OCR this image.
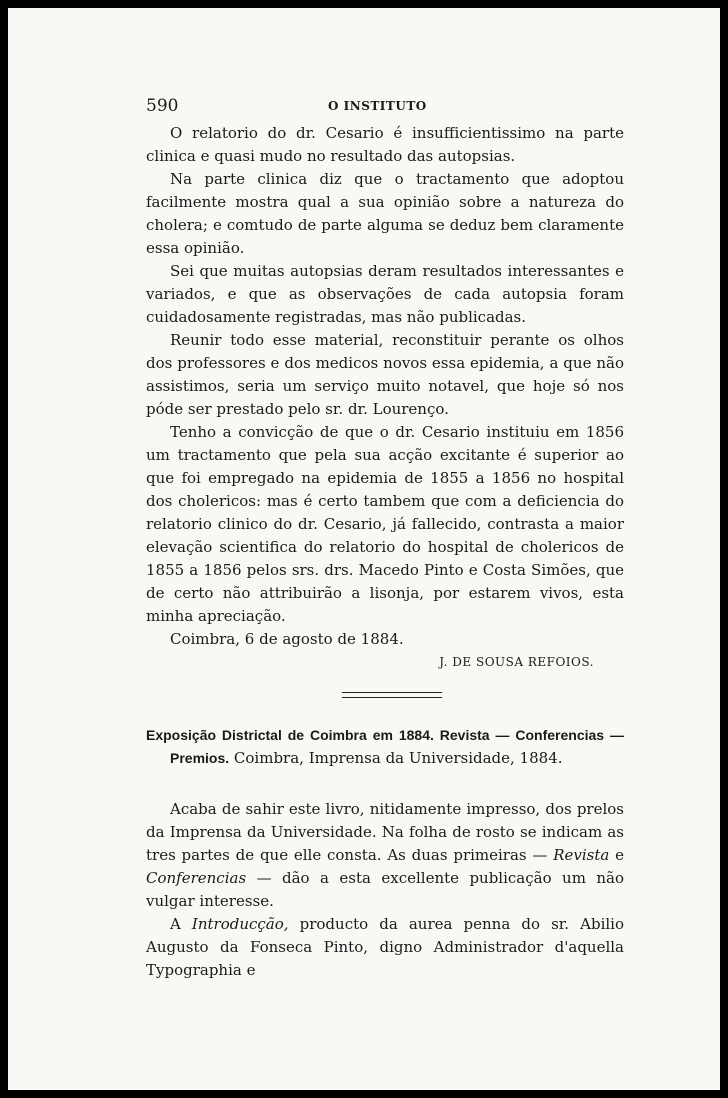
590	O INSTITUTO

O relatorio do dr. Cesario é insufficientissimo na parte clinica e quasi mudo no resultado das autopsias.

Na parte clinica diz que o tractamento que adoptou facilmente mostra qual a sua opinião sobre a natureza do cholera; e comtudo de parte alguma se deduz bem claramente essa opinião.

Sei que muitas autopsias deram resultados interessantes e variados, e que as observações de cada autopsia foram cuidadosamente registradas, mas não publicadas.

Reunir todo esse material, reconstituir perante os olhos dos professores e dos medicos novos essa epidemia, a que não assistimos, seria um serviço muito notavel, que hoje só nos póde ser prestado pelo sr. dr. Lourenço.

Tenho a convicção de que o dr. Cesario instituiu em 1856 um tractamento que pela sua acção excitante é superior ao que foi empregado na epidemia de 1855 a 1856 no hospital dos cholericos: mas é certo tambem que com a deficiencia do relatorio clinico do dr. Cesario, já fallecido, contrasta a maior elevação scientifica do relatorio do hospital de cholericos de 1855 a 1856 pelos srs. drs. Macedo Pinto e Costa Simões, que de certo não attribuirão a lisonja, por estarem vivos, esta minha apreciação.

Coimbra, 6 de agosto de 1884.

J. DE SOUSA REFOIOS.

Exposição Districtal de Coimbra em 1884. Revista — Conferencias — Premios. Coimbra, Imprensa da Universidade, 1884.

Acaba de sahir este livro, nitidamente impresso, dos prelos da Imprensa da Universidade. Na folha de rosto se indicam as tres partes de que elle consta. As duas primeiras — Revista e Conferencias — dão a esta excellente publicação um não vulgar interesse.

A Introducção, producto da aurea penna do sr. Abilio Augusto da Fonseca Pinto, digno Administrador d'aquella Typographia e
